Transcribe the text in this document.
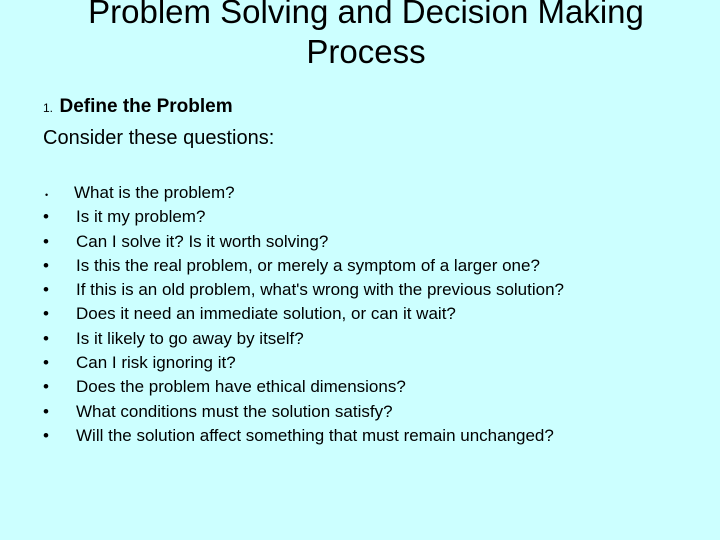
Problem Solving and Decision Making
Process
1. Define the Problem
Consider these questions:
•	What is the problem?
•	Is it my problem?
•	Can I solve it? Is it worth solving?
•	Is this the real problem, or merely a symptom of a larger one?
•	If this is an old problem, what's wrong with the previous solution?
•	Does it need an immediate solution, or can it wait?
•	Is it likely to go away by itself?
•	Can I risk ignoring it?
•	Does the problem have ethical dimensions?
•	What conditions must the solution satisfy?
•	Will the solution affect something that must remain unchanged?
